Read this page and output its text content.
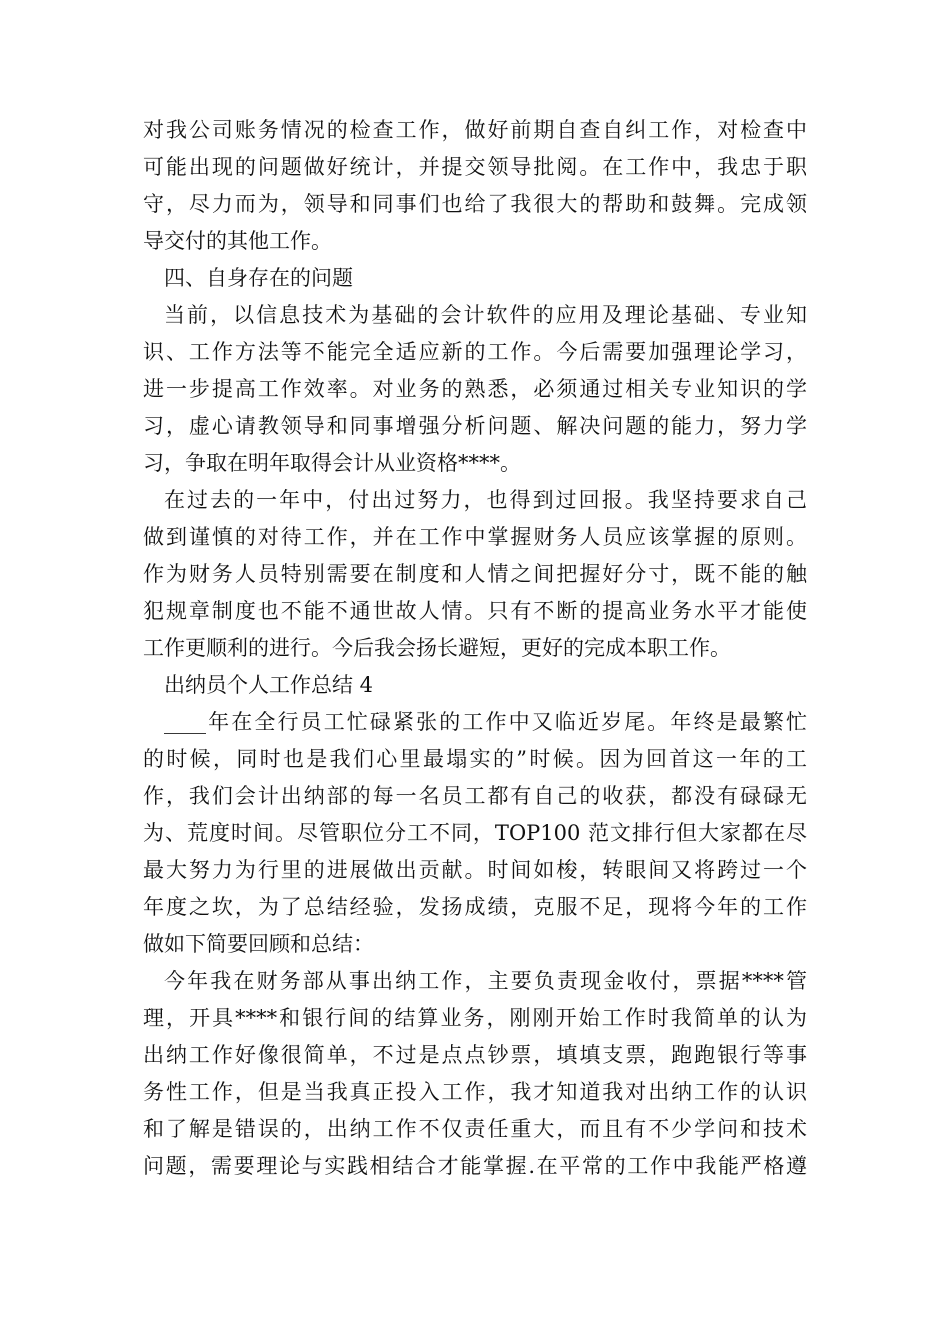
对我公司账务情况的检查工作，做好前期自查自纠工作，对检查中
可能出现的问题做好统计，并提交领导批阅。在工作中，我忠于职
守，尽力而为，领导和同事们也给了我很大的帮助和鼓舞。完成领
导交付的其他工作。
四、自身存在的问题
当前，以信息技术为基础的会计软件的应用及理论基础、专业知
识、工作方法等不能完全适应新的工作。今后需要加强理论学习，
进一步提高工作效率。对业务的熟悉，必须通过相关专业知识的学
习，虚心请教领导和同事增强分析问题、解决问题的能力，努力学
习，争取在明年取得会计从业资格****。
在过去的一年中，付出过努力，也得到过回报。我坚持要求自己
做到谨慎的对待工作，并在工作中掌握财务人员应该掌握的原则。
作为财务人员特别需要在制度和人情之间把握好分寸，既不能的触
犯规章制度也不能不通世故人情。只有不断的提高业务水平才能使
工作更顺利的进行。今后我会扬长避短，更好的完成本职工作。
出纳员个人工作总结 4
____年在全行员工忙碌紧张的工作中又临近岁尾。年终是最繁忙
的时候，同时也是我们心里最塌实的”时候。因为回首这一年的工
作，我们会计出纳部的每一名员工都有自己的收获，都没有碌碌无
为、荒度时间。尽管职位分工不同，TOP100 范文排行但大家都在尽
最大努力为行里的进展做出贡献。时间如梭，转眼间又将跨过一个
年度之坎，为了总结经验，发扬成绩，克服不足，现将今年的工作
做如下简要回顾和总结：
今年我在财务部从事出纳工作，主要负责现金收付，票据****管
理，开具****和银行间的结算业务，刚刚开始工作时我简单的认为
出纳工作好像很简单，不过是点点钞票，填填支票，跑跑银行等事
务性工作，但是当我真正投入工作，我才知道我对出纳工作的认识
和了解是错误的，出纳工作不仅责任重大，而且有不少学问和技术
问题，需要理论与实践相结合才能掌握.在平常的工作中我能严格遵
